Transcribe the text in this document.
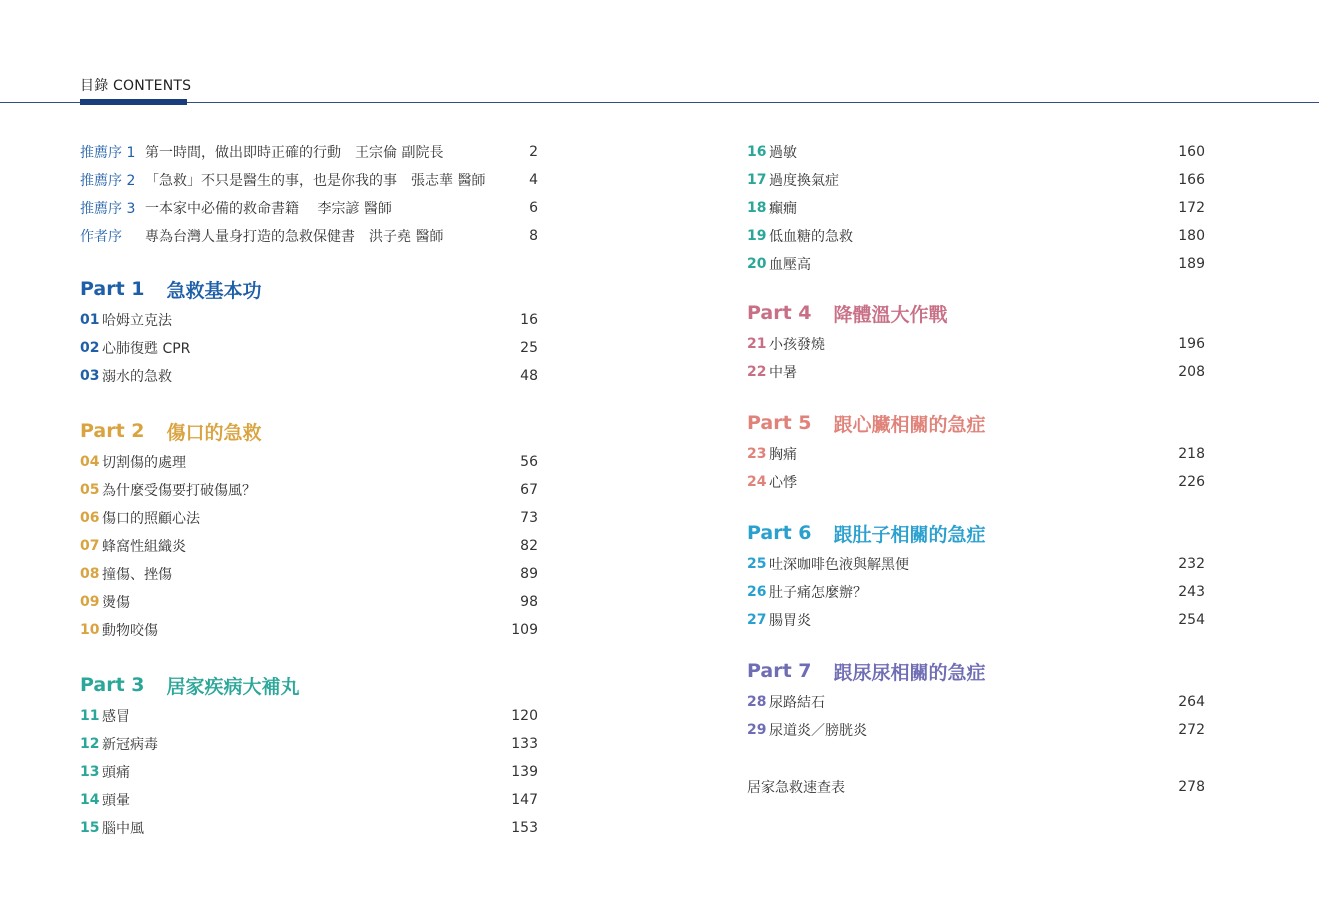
目錄 CONTENTS
推薦序 1 第一時間，做出即時正確的行動　王宗倫 副院長	2
推薦序 2 「急救」不只是醫生的事，也是你我的事　張志華 醫師	4
推薦序 3 一本家中必備的救命書籍　 李宗諺 醫師	6
作者序	專為台灣人量身打造的急救保健書　洪子堯 醫師	8
Part 1 急救基本功
01 哈姆立克法	16
02 心肺復甦 CPR	25
03 溺水的急救	48
Part 2 傷口的急救
04 切割傷的處理	56
05 為什麼受傷要打破傷風？	67
06 傷口的照顧心法	73
07 蜂窩性組織炎	82
08 撞傷、挫傷	89
09 燙傷	98
10 動物咬傷	109
Part 3 居家疾病大補丸
11 感冒	120
12 新冠病毒	133
13 頭痛	139
14 頭暈	147
15 腦中風	153
16 過敏	160
17 過度換氣症	166
18 癲癇	172
19 低血糖的急救	180
20 血壓高	189
Part 4 降體溫大作戰
21 小孩發燒	196
22 中暑	208
Part 5 跟心臟相關的急症
23 胸痛	218
24 心悸	226
Part 6 跟肚子相關的急症
25 吐深咖啡色液與解黑便	232
26 肚子痛怎麼辦？	243
27 腸胃炎	254
Part 7 跟尿尿相關的急症
28 尿路結石	264
29 尿道炎／膀胱炎	272
居家急救速查表	278
